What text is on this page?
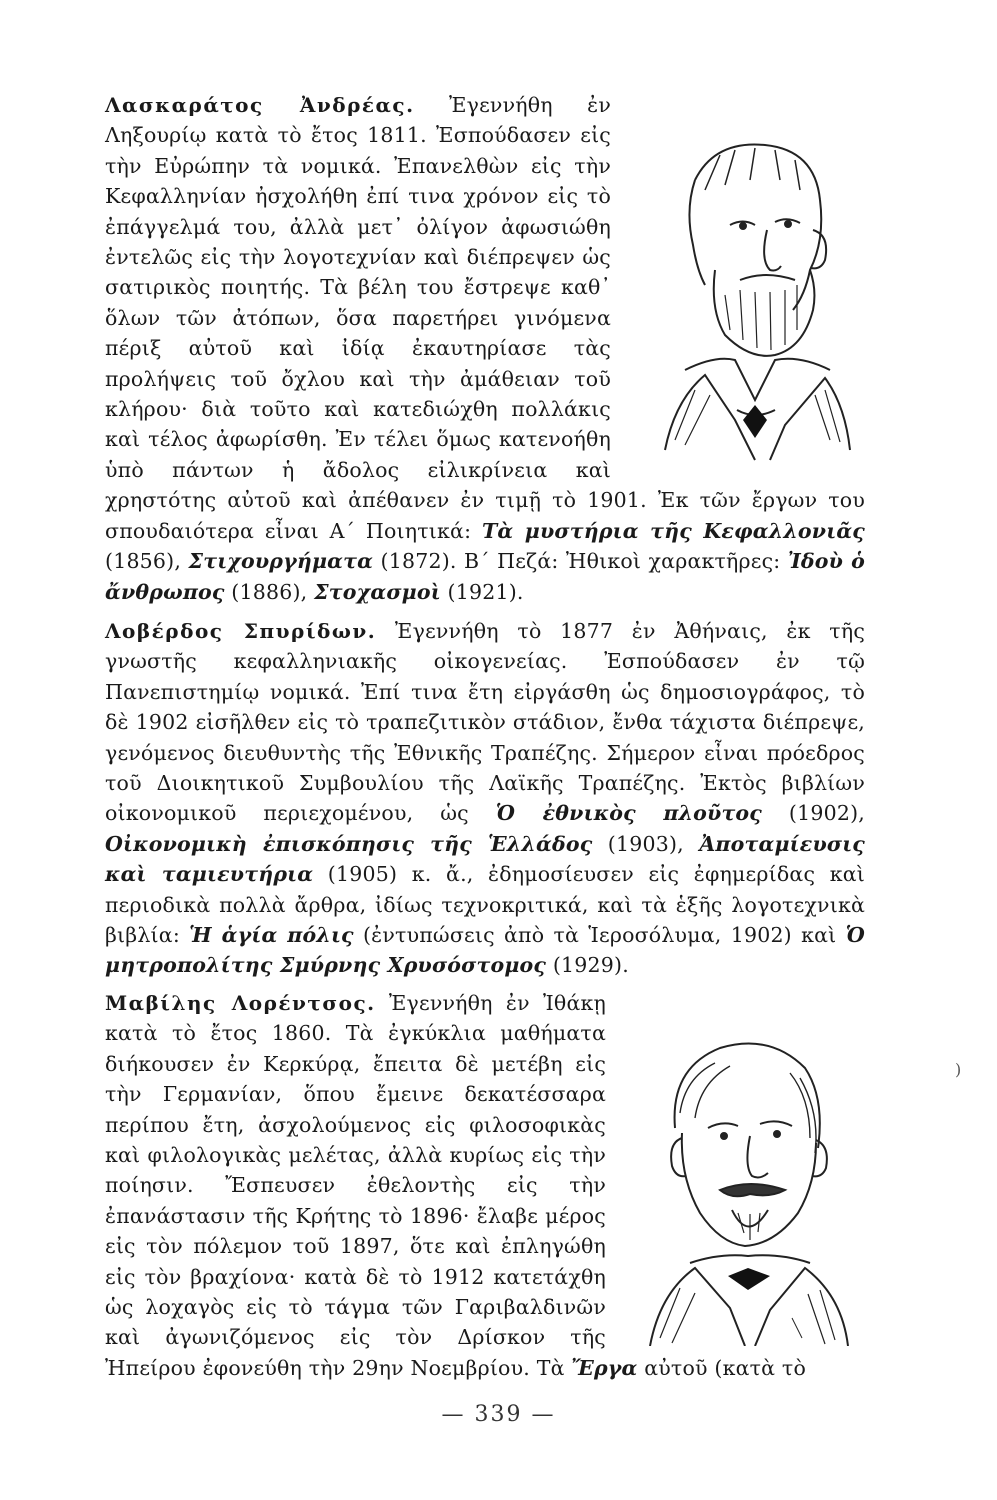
Λασκαράτος Ἀνδρέας. Ἐγεννήθη ἐν Ληξουρίῳ κατὰ τὸ ἔτος 1811. Ἐσπούδασεν εἰς τὴν Εὐρώπην τὰ νομικά. Ἐπανελθὼν εἰς τὴν Κεφαλληνίαν ἠσχολήθη ἐπί τινα χρόνον εἰς τὸ ἐπάγγελμά του, ἀλλὰ μετ᾿ ὀλίγον ἀφωσιώθη ἐντελῶς εἰς τὴν λογοτεχνίαν καὶ διέπρεψεν ὡς σατιρικὸς ποιητής. Τὰ βέλη του ἔστρεψε καθ᾿ ὅλων τῶν ἀτόπων, ὅσα παρετήρει γινόμενα πέριξ αὐτοῦ καὶ ἰδίᾳ ἐκαυτηρίασε τὰς προλήψεις τοῦ ὄχλου καὶ τὴν ἀμάθειαν τοῦ κλήρου· διὰ τοῦτο καὶ κατεδιώχθη πολλάκις καὶ τέλος ἀφωρίσθη. Ἐν τέλει ὅμως κατενοήθη ὑπὸ πάντων ἡ ἄδολος εἰλικρίνεια καὶ χρηστότης αὐτοῦ καὶ ἀπέθανεν ἐν τιμῇ τὸ 1901. Ἐκ τῶν ἔργων του σπουδαιότερα εἶναι Α΄ Ποιητικά: Τὰ μυστήρια τῆς Κεφαλλονιᾶς (1856), Στιχουργήματα (1872). Β΄ Πεζά: Ἠθικοὶ χαρακτῆρες: Ἰδοὺ ὁ ἄνθρωπος (1886), Στοχασμοὶ (1921).
Λοβέρδος Σπυρίδων. Ἐγεννήθη τὸ 1877 ἐν Ἀθήναις, ἐκ τῆς γνωστῆς κεφαλληνιακῆς οἰκογενείας. Ἐσπούδασεν ἐν τῷ Πανεπιστημίῳ νομικά. Ἐπί τινα ἔτη εἰργάσθη ὡς δημοσιογράφος, τὸ δὲ 1902 εἰσῆλθεν εἰς τὸ τραπεζιτικὸν στάδιον, ἔνθα τάχιστα διέπρεψε, γενόμενος διευθυντὴς τῆς Ἐθνικῆς Τραπέζης. Σήμερον εἶναι πρόεδρος τοῦ Διοικητικοῦ Συμβουλίου τῆς Λαϊκῆς Τραπέζης. Ἐκτὸς βιβλίων οἰκονομικοῦ περιεχομένου, ὡς Ὁ ἐθνικὸς πλοῦτος (1902), Οἰκονομικὴ ἐπισκόπησις τῆς Ἑλλάδος (1903), Ἀποταμίευσις καὶ ταμιευτήρια (1905) κ. ἄ., ἐδημοσίευσεν εἰς ἐφημερίδας καὶ περιοδικὰ πολλὰ ἄρθρα, ἰδίως τεχνοκριτικά, καὶ τὰ ἑξῆς λογοτεχνικὰ βιβλία: Ἡ ἁγία πόλις (ἐντυπώσεις ἀπὸ τὰ Ἱεροσόλυμα, 1902) καὶ Ὁ μητροπολίτης Σμύρνης Χρυσόστομος (1929).
Μαβίλης Λορέντσος. Ἐγεννήθη ἐν Ἰθάκῃ κατὰ τὸ ἔτος 1860. Τὰ ἐγκύκλια μαθήματα διήκουσεν ἐν Κερκύρᾳ, ἔπειτα δὲ μετέβη εἰς τὴν Γερμανίαν, ὅπου ἔμεινε δεκατέσσαρα περίπου ἔτη, ἀσχολούμενος εἰς φιλοσοφικὰς καὶ φιλολογικὰς μελέτας, ἀλλὰ κυρίως εἰς τὴν ποίησιν. Ἔσπευσεν ἐθελοντὴς εἰς τὴν ἐπανάστασιν τῆς Κρήτης τὸ 1896· ἔλαβε μέρος εἰς τὸν πόλεμον τοῦ 1897, ὅτε καὶ ἐπληγώθη εἰς τὸν βραχίονα· κατὰ δὲ τὸ 1912 κατετάχθη ὡς λοχαγὸς εἰς τὸ τάγμα τῶν Γαριβαλδινῶν καὶ ἀγωνιζόμενος εἰς τὸν Δρίσκον τῆς Ἠπείρου ἐφονεύθη τὴν 29ην Νοεμβρίου. Τὰ Ἔργα αὐτοῦ (κατὰ τὸ
)
— 339 —
